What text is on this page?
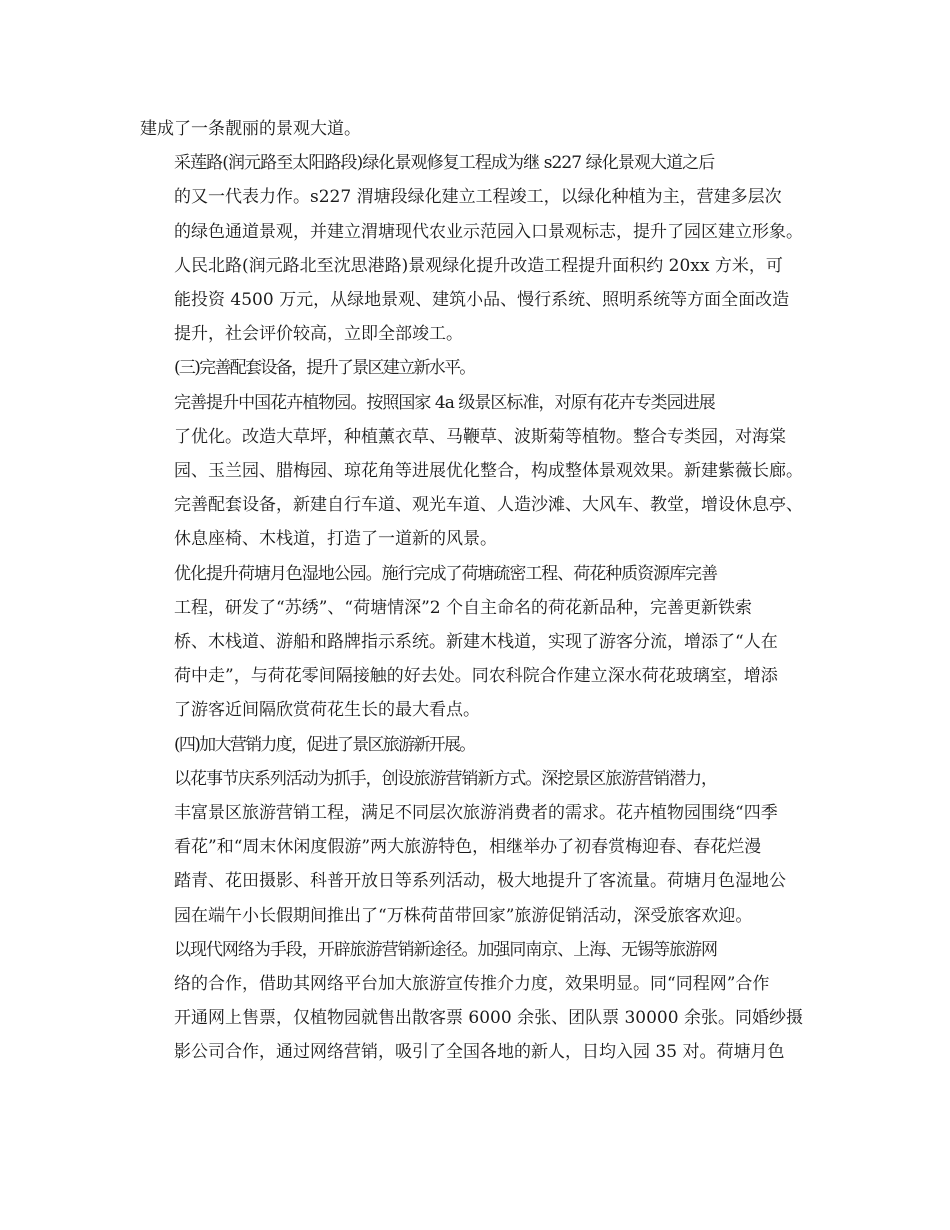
建成了一条靓丽的景观大道。
采莲路(润元路至太阳路段)绿化景观修复工程成为继 s227 绿化景观大道之后
的又一代表力作。s227 渭塘段绿化建立工程竣工，以绿化种植为主，营建多层次
的绿色通道景观，并建立渭塘现代农业示范园入口景观标志，提升了园区建立形象。
人民北路(润元路北至沈思港路)景观绿化提升改造工程提升面积约 20xx 方米，可
能投资 4500 万元，从绿地景观、建筑小品、慢行系统、照明系统等方面全面改造
提升，社会评价较高，立即全部竣工。
(三)完善配套设备，提升了景区建立新水平。
完善提升中国花卉植物园。按照国家 4a 级景区标准，对原有花卉专类园进展
了优化。改造大草坪，种植薰衣草、马鞭草、波斯菊等植物。整合专类园，对海棠
园、玉兰园、腊梅园、琼花角等进展优化整合，构成整体景观效果。新建紫薇长廊。
完善配套设备，新建自行车道、观光车道、人造沙滩、大风车、教堂，增设休息亭、
休息座椅、木栈道，打造了一道新的风景。
优化提升荷塘月色湿地公园。施行完成了荷塘疏密工程、荷花种质资源库完善
工程，研发了“苏绣”、“荷塘情深”2 个自主命名的荷花新品种，完善更新铁索
桥、木栈道、游船和路牌指示系统。新建木栈道，实现了游客分流，增添了“人在
荷中走”，与荷花零间隔接触的好去处。同农科院合作建立深水荷花玻璃室，增添
了游客近间隔欣赏荷花生长的最大看点。
(四)加大营销力度，促进了景区旅游新开展。
以花事节庆系列活动为抓手，创设旅游营销新方式。深挖景区旅游营销潜力，
丰富景区旅游营销工程，满足不同层次旅游消费者的需求。花卉植物园围绕“四季
看花”和“周末休闲度假游”两大旅游特色，相继举办了初春赏梅迎春、春花烂漫
踏青、花田摄影、科普开放日等系列活动，极大地提升了客流量。荷塘月色湿地公
园在端午小长假期间推出了“万株荷苗带回家”旅游促销活动，深受旅客欢迎。
以现代网络为手段，开辟旅游营销新途径。加强同南京、上海、无锡等旅游网
络的合作，借助其网络平台加大旅游宣传推介力度，效果明显。同“同程网”合作
开通网上售票，仅植物园就售出散客票 6000 余张、团队票 30000 余张。同婚纱摄
影公司合作，通过网络营销，吸引了全国各地的新人，日均入园 35 对。荷塘月色
